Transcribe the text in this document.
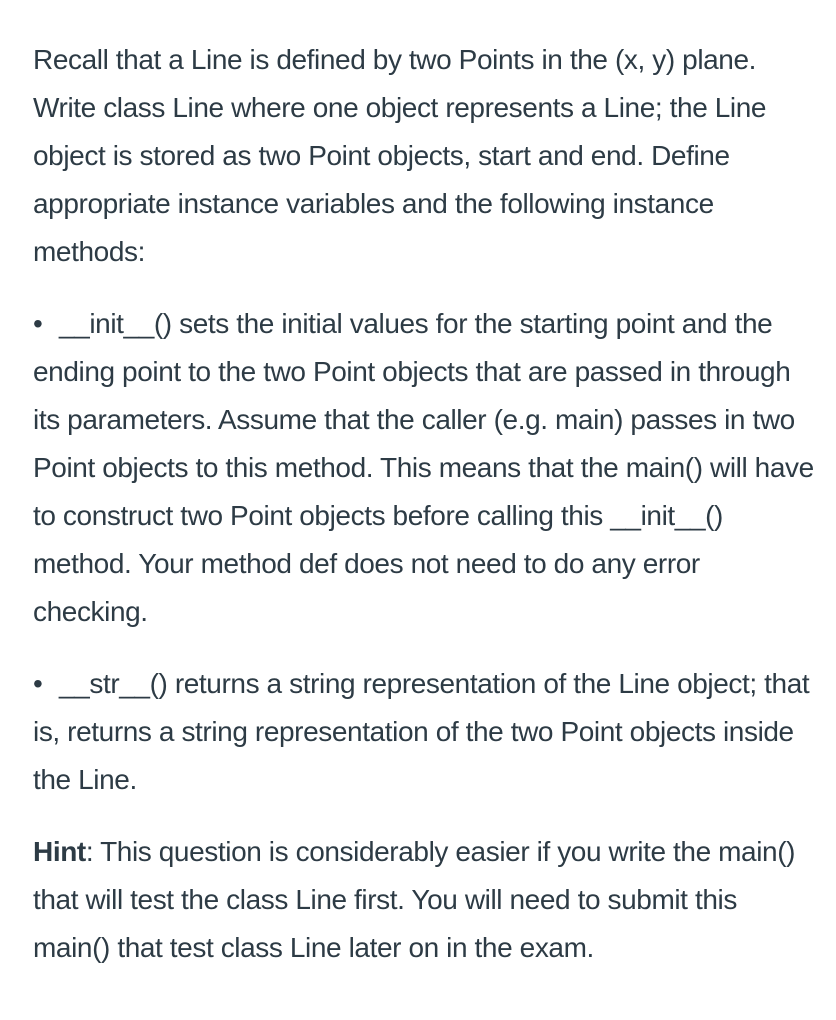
Recall that a Line is defined by two Points in the (x, y) plane. Write class Line where one object represents a Line; the Line object is stored as two Point objects, start and end. Define appropriate instance variables and the following instance methods:

• __init__() sets the initial values for the starting point and the ending point to the two Point objects that are passed in through its parameters. Assume that the caller (e.g. main) passes in two Point objects to this method. This means that the main() will have to construct two Point objects before calling this __init__() method. Your method def does not need to do any error checking.

• __str__() returns a string representation of the Line object; that is, returns a string representation of the two Point objects inside the Line.

Hint: This question is considerably easier if you write the main() that will test the class Line first. You will need to submit this main() that test class Line later on in the exam.
